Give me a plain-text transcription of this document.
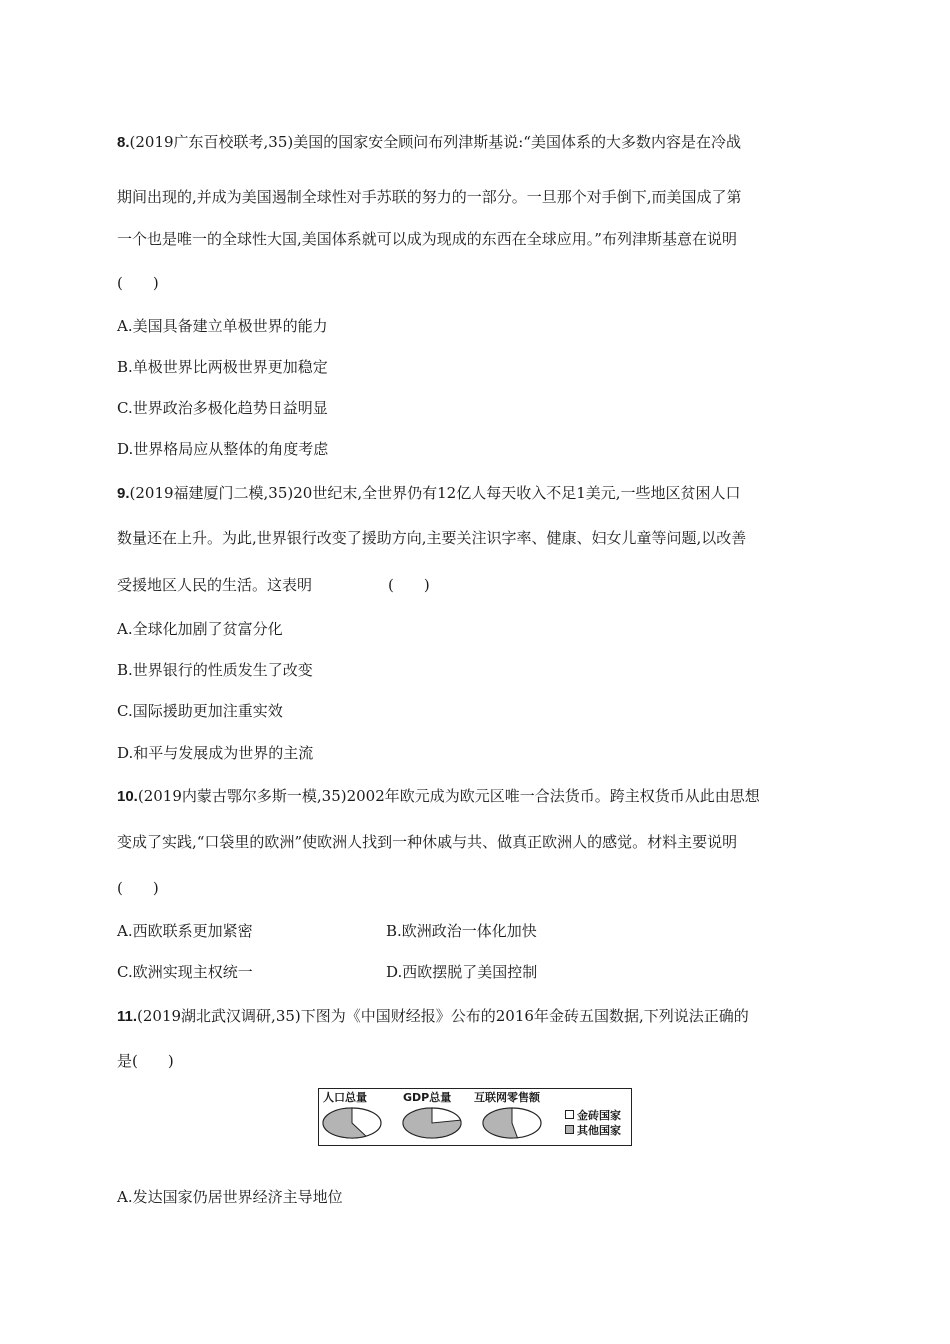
8.(2019广东百校联考,35)美国的国家安全顾问布列津斯基说:“美国体系的大多数内容是在冷战
期间出现的,并成为美国遏制全球性对手苏联的努力的一部分。一旦那个对手倒下,而美国成了第
一个也是唯一的全球性大国,美国体系就可以成为现成的东西在全球应用。”布列津斯基意在说明
(　　)
A.美国具备建立单极世界的能力
B.单极世界比两极世界更加稳定
C.世界政治多极化趋势日益明显
D.世界格局应从整体的角度考虑
9.(2019福建厦门二模,35)20世纪末,全世界仍有12亿人每天收入不足1美元,一些地区贫困人口
数量还在上升。为此,世界银行改变了援助方向,主要关注识字率、健康、妇女儿童等问题,以改善
受援地区人民的生活。这表明	(　　)
A.全球化加剧了贫富分化
B.世界银行的性质发生了改变
C.国际援助更加注重实效
D.和平与发展成为世界的主流
10.(2019内蒙古鄂尔多斯一模,35)2002年欧元成为欧元区唯一合法货币。跨主权货币从此由思想
变成了实践,“口袋里的欧洲”使欧洲人找到一种休戚与共、做真正欧洲人的感觉。材料主要说明
(　　)
A.西欧联系更加紧密	B.欧洲政治一体化加快
C.欧洲实现主权统一	D.西欧摆脱了美国控制
11.(2019湖北武汉调研,35)下图为《中国财经报》公布的2016年金砖五国数据,下列说法正确的
是(　　)
人口总量	GDP总量 互联网零售额
金砖国家
其他国家
A.发达国家仍居世界经济主导地位
